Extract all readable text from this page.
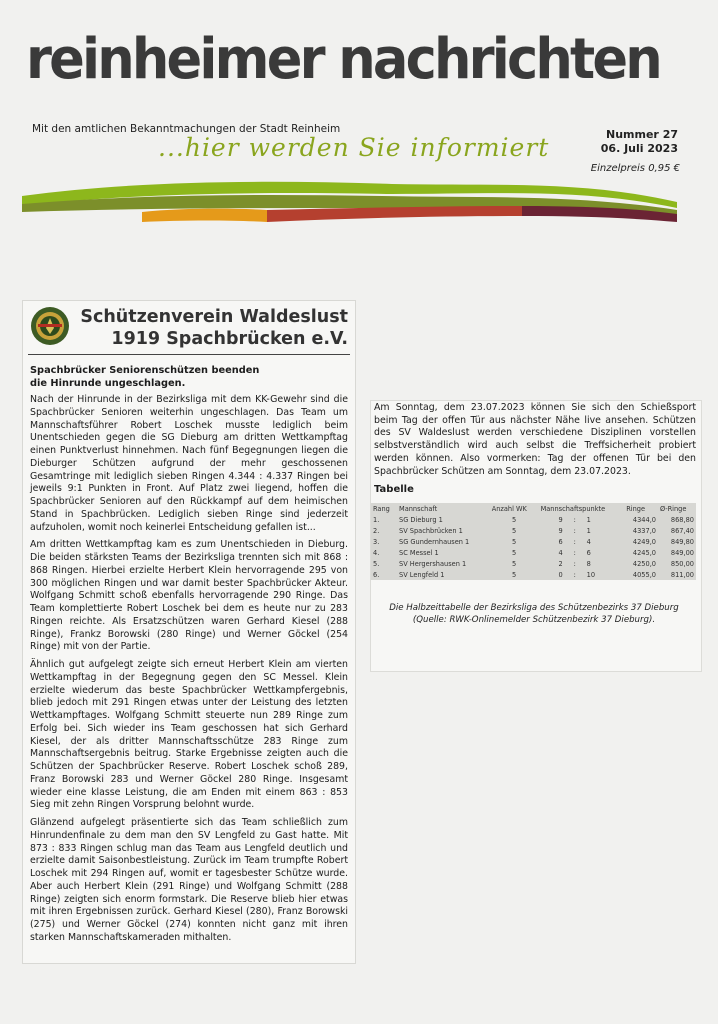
reinheimer nachrichten
Mit den amtlichen Bekanntmachungen der Stadt Reinheim
...hier werden Sie informiert	Nummer 27
06. Juli 2023
Einzelpreis 0,95 €
Schützenverein Waldeslust
1919 Spachbrücken e.V.
Spachbrücker Seniorenschützen beenden
die Hinrunde ungeschlagen.

Nach der Hinrunde in der Bezirksliga mit dem KK-Gewehr sind die Spachbrücker Senioren weiterhin ungeschlagen. Das Team um Mannschaftsführer Robert Loschek musste lediglich beim Unentschieden gegen die SG Dieburg am dritten Wettkampftag einen Punktverlust hinnehmen. Nach fünf Begegnungen liegen die Dieburger Schützen aufgrund der mehr geschossenen Gesamtringe mit lediglich sieben Ringen 4.344 : 4.337 Ringen bei jeweils 9:1 Punkten in Front. Auf Platz zwei liegend, hoffen die Spachbrücker Senioren auf den Rückkampf auf dem heimischen Stand in Spachbrücken. Lediglich sieben Ringe sind jederzeit aufzuholen, womit noch keinerlei Entscheidung gefallen ist...

Am dritten Wettkampftag kam es zum Unentschieden in Dieburg. Die beiden stärksten Teams der Bezirksliga trennten sich mit 868 : 868 Ringen. Hierbei erzielte Herbert Klein hervorragende 295 von 300 möglichen Ringen und war damit bester Spachbrücker Akteur. Wolfgang Schmitt schoß ebenfalls hervorragende 290 Ringe. Das Team komplettierte Robert Loschek bei dem es heute nur zu 283 Ringen reichte. Als Ersatzschützen waren Gerhard Kiesel (288 Ringe), Frankz Borowski (280 Ringe) und Werner Göckel (254 Ringe) mit von der Partie.

Ähnlich gut aufgelegt zeigte sich erneut Herbert Klein am vierten Wettkampftag in der Begegnung gegen den SC Messel. Klein erzielte wiederum das beste Spachbrücker Wettkampfergebnis, blieb jedoch mit 291 Ringen etwas unter der Leistung des letzten Wettkampftages. Wolfgang Schmitt steuerte nun 289 Ringe zum Erfolg bei. Sich wieder ins Team geschossen hat sich Gerhard Kiesel, der als dritter Mannschaftsschütze 283 Ringe zum Mannschaftsergebnis beitrug. Starke Ergebnisse zeigten auch die Schützen der Spachbrücker Reserve. Robert Loschek schoß 289, Franz Borowski 283 und Werner Göckel 280 Ringe. Insgesamt wieder eine klasse Leistung, die am Enden mit einem 863 : 853 Sieg mit zehn Ringen Vorsprung belohnt wurde.

Glänzend aufgelegt präsentierte sich das Team schließlich zum Hinrundenfinale zu dem man den SV Lengfeld zu Gast hatte. Mit 873 : 833 Ringen schlug man das Team aus Lengfeld deutlich und erzielte damit Saisonbestleistung. Zurück im Team trumpfte Robert Loschek mit 294 Ringen auf, womit er tagesbester Schütze wurde. Aber auch Herbert Klein (291 Ringe) und Wolfgang Schmitt (288 Ringe) zeigten sich enorm formstark. Die Reserve blieb hier etwas mit ihren Ergebnissen zurück. Gerhard Kiesel (280), Franz Borowski (275) und Werner Göckel (274) konnten nicht ganz mit ihren starken Mannschaftskameraden mithalten.

Am Sonntag, dem 23.07.2023 können Sie sich den Schießsport beim Tag der offen Tür aus nächster Nähe live ansehen. Schützen des SV Waldeslust werden verschiedene Disziplinen vorstellen selbstverständlich wird auch selbst die Treffsicherheit probiert werden können. Also vormerken: Tag der offenen Tür bei den Spachbrücker Schützen am Sonntag, dem 23.07.2023.
Tabelle
Rang	Mannschaft	Anzahl WK	Mannschaftspunkte			Ringe	Ø-Ringe
1.	SG Dieburg 1	5	9	:	1	4344,0	868,80
2.	SV Spachbrücken 1	5	9	:	1	4337,0	867,40
3.	SG Gundernhausen 1	5	6	:	4	4249,0	849,80
4.	SC Messel 1	5	4	:	6	4245,0	849,00
5.	SV Hergershausen 1	5	2	:	8	4250,0	850,00
6.	SV Lengfeld 1	5	0	:	10	4055,0	811,00
Die Halbzeittabelle der Bezirksliga des Schützenbezirks 37 Dieburg
(Quelle: RWK-Onlinemelder Schützenbezirk 37 Dieburg).
